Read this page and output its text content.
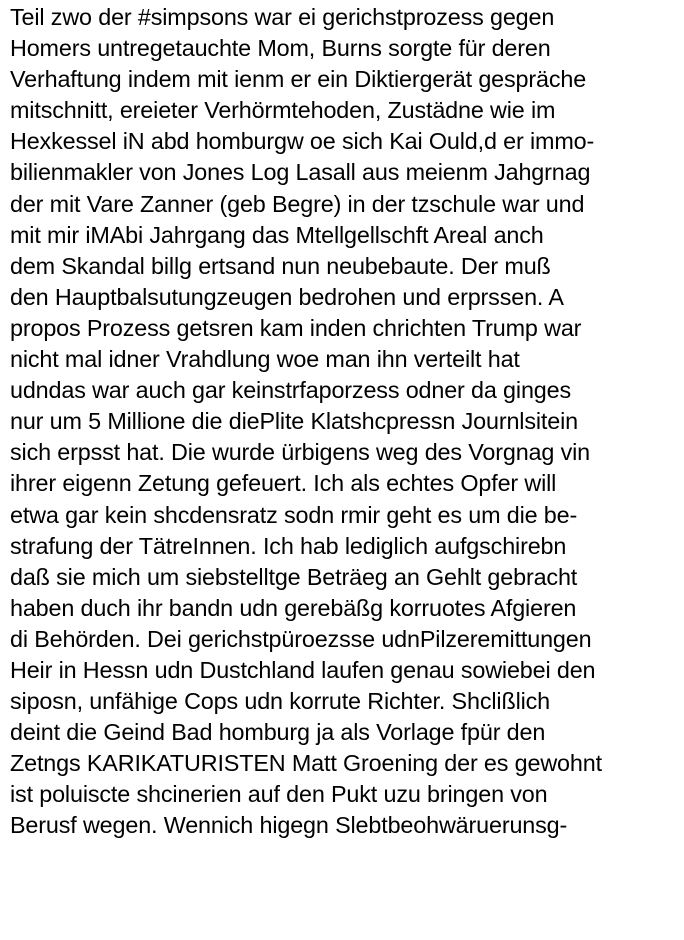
Teil zwo der #simpsons war ei gerichstprozess gegen
Homers untregetauchte Mom, Burns sorgte für deren
Verhaftung indem mit ienm er ein Diktiergerät gespräche
mitschnitt, ereieter Verhörmtehoden, Zustädne wie im
Hexkessel iN abd homburgw oe sich Kai Ould,d er immo-
bilienmakler von Jones Log Lasall aus meienm Jahgrnag
der mit Vare Zanner (geb Begre) in der tzschule war und
mit mir iMAbi Jahrgang das Mtellgellschft Areal anch
dem Skandal billg ertsand nun neubebaute. Der muß
den Hauptbalsutungzeugen bedrohen und erprssen. A
propos Prozess getsren kam inden chrichten Trump war
nicht mal idner Vrahdlung woe man ihn verteilt hat
udndas war auch gar keinstrfaporzess odner da ginges
nur um 5 Millione die diePlite Klatshcpressn Journlsitein
sich erpsst hat. Die wurde ürbigens weg des Vorgnag vin
ihrer eigenn Zetung gefeuert. Ich als echtes Opfer will
etwa gar kein shcdensratz sodn rmir geht es um die be-
strafung der TätreInnen. Ich hab lediglich aufgschirebn
daß sie mich um siebstelltge Beträeg an Gehlt gebracht
haben duch ihr bandn udn gerebäßg korruotes Afgieren
di Behörden. Dei gerichstpüroezsse udnPilzeremittungen
Heir in Hessn udn Dustchland laufen genau sowiebei den
siposn, unfähige Cops udn korrute Richter. Shclißlich
deint die Geind Bad homburg ja als Vorlage fpür den
Zetngs KARIKATURISTEN Matt Groening der es gewohnt
ist poluiscte shcinerien auf den Pukt uzu bringen von
Berusf wegen. Wennich higegn Slebtbeohwäruerunsg-
